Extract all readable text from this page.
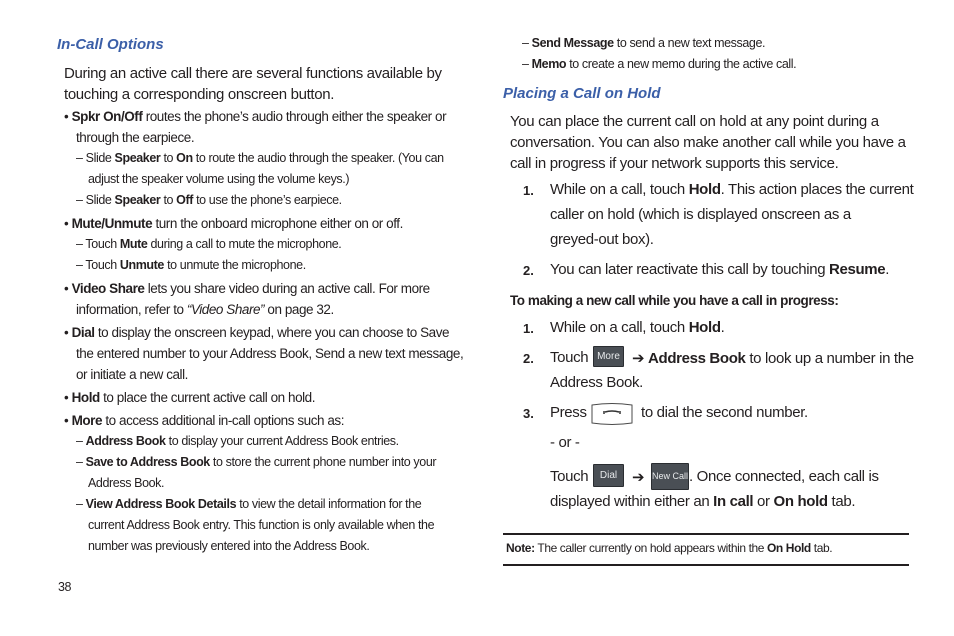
In-Call Options
During an active call there are several functions available by
touching a corresponding onscreen button.
• Spkr On/Off routes the phone’s audio through either the speaker or
through the earpiece.
– Slide Speaker to On to route the audio through the speaker. (You can
adjust the speaker volume using the volume keys.)
– Slide Speaker to Off to use the phone’s earpiece.
• Mute/Unmute turn the onboard microphone either on or off.
– Touch Mute during a call to mute the microphone.
– Touch Unmute to unmute the microphone.
• Video Share lets you share video during an active call. For more
information, refer to “Video Share” on page 32.
• Dial to display the onscreen keypad, where you can choose to Save
the entered number to your Address Book, Send a new text message,
or initiate a new call.
• Hold to place the current active call on hold.
• More to access additional in-call options such as:
– Address Book to display your current Address Book entries.
– Save to Address Book to store the current phone number into your
Address Book.
– View Address Book Details to view the detail information for the
current Address Book entry. This function is only available when the
number was previously entered into the Address Book.
38
– Send Message to send a new text message.
– Memo to create a new memo during the active call.
Placing a Call on Hold
You can place the current call on hold at any point during a
conversation. You can also make another call while you have a
call in progress if your network supports this service.
1. While on a call, touch Hold. This action places the current
caller on hold (which is displayed onscreen as a
greyed-out box).
2. You can later reactivate this call by touching Resume.
To making a new call while you have a call in progress:
1. While on a call, touch Hold.
2. Touch More ➔ Address Book to look up a number in the
Address Book.
3. Press	to dial the second number.
- or -
Touch	Dial ➔ New Call . Once connected, each call is
displayed within either an In call or On hold tab.
Note: The caller currently on hold appears within the On Hold tab.
